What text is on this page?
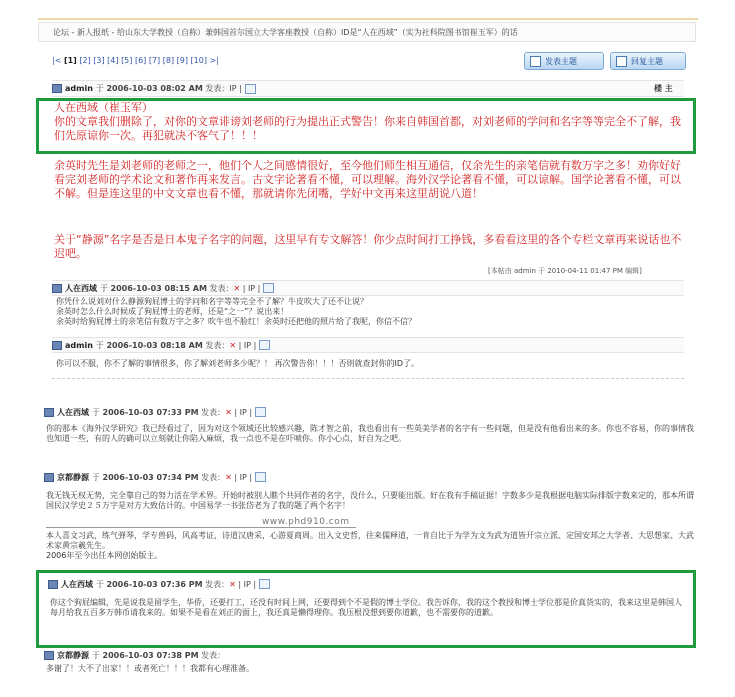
论坛 - 新人报纸 - 给山东大学教授（自称）兼韩国首尔国立大学客座教授（自称）ID是“人在西域”（实为社科院图书馆崔玉军）的话
|< [1] [2] [3] [4] [5] [6] [7] [8] [9] [10] >|	发表主题	回复主题
admin 于
2006-10-03 08:02 AM
发表：IP |	楼 主
人在西域（崔玉军）
你的文章我们删除了，对你的文章诽谤刘老师的行为提出正式警告！你来自韩国首都，对刘老师的学问和名字等等完全不了解，我们先原谅你一次。再犯就决不客气了！！！
余英时先生是刘老师的老师之一，他们个人之间感情很好，至今他们师生相互通信，仅余先生的亲笔信就有数万字之多！劝你好好看完刘老师的学术论文和著作再来发言。古文字论著看不懂，可以理解。海外汉学论著看不懂，可以谅解。国学论著看不懂，可以不解。但是连这里的中文文章也看不懂，那就请你先闭嘴，学好中文再来这里胡说八道！
关于“静源”名字是否是日本鬼子名字的问题，这里早有专文解答！你少点时间打工挣钱，多看看这里的各个专栏文章再来说话也不迟吧。
[本帖由 admin 于 2010-04-11 01:47 PM 编辑]
人在西域 于
2006-10-03 08:15 AM
发表： ✕ | IP |
你凭什么说刘对什么静源狗屁博士的学问和名字等等完全不了解？牛皮吹大了还不让说？
余英时怎么什么时候成了狗屁博士的老师，还是“之一”？说出来！
余英时给狗屁博士的亲笔信有数万字之多？吹牛也不脸红！余英时还把他的照片给了我呢，你信不信？
admin 于
2006-10-03 08:18 AM
发表： ✕ | IP |
你可以不服，你不了解的事情很多，你了解刘老师多少呢？！ 再次警告你！！！否则就查封你的ID了。
人在西域 于
2006-10-03 07:33 PM
发表： ✕ | IP |
你的那本《海外汉学研究》我已经看过了，因为对这个领域还比较感兴趣，陈才智之前，我也看出有一些英美学者的名字有一些问题，但是没有他看出来的多。你也不容易，你的事情我也知道一些，有的人的确可以立刻就让你陷入麻烦，我一点也不是在吓唬你。你小心点，好自为之吧。
京都静源 于
2006-10-03 07:34 PM
发表： ✕ | IP |
我无钱无权无势，完全靠自己的努力活在学术界。开始时被别人瞧个共同作者的名字，没什么，只要能出版。好在我有手稿证据！字数多少是我根据电脑实际排版字数来定的，那本所谓国民汉学史２５万字是对方大致估计的。中国易学一书张岱老为了我的题了两个名字！
www.phd910.com
本人喜文习武，练气弹琴，学专兽码，风高考证，诗道汉唐采，心游夏商周。出入文史哲，往来儒释道，一肯自比于为学为文为武为道皆开宗立派、定国安邦之大学者、大思想家、大武术家黄宗羲先生。
2006年至今出任本网创始版主。
人在西域 于
2006-10-03 07:36 PM
发表： ✕ | IP |
你这个狗屁编辑，先是说我是留学生，华侨，还要打工，还没有时间上网，还要得到个不是假的博士学位。我告诉你，我的这个教授和博士学位那是价真货实的，我来这里是韩国人每月给我五百多万韩币请我来的。如果不是看在刘正的面上，我还真是懒得理你。我压根没想到要你道歉，也不需要你的道歉。
京都静源 于
2006-10-03 07:38 PM
发表：
多谢了！大不了出家！！或者死亡！！！我都有心理准备。
